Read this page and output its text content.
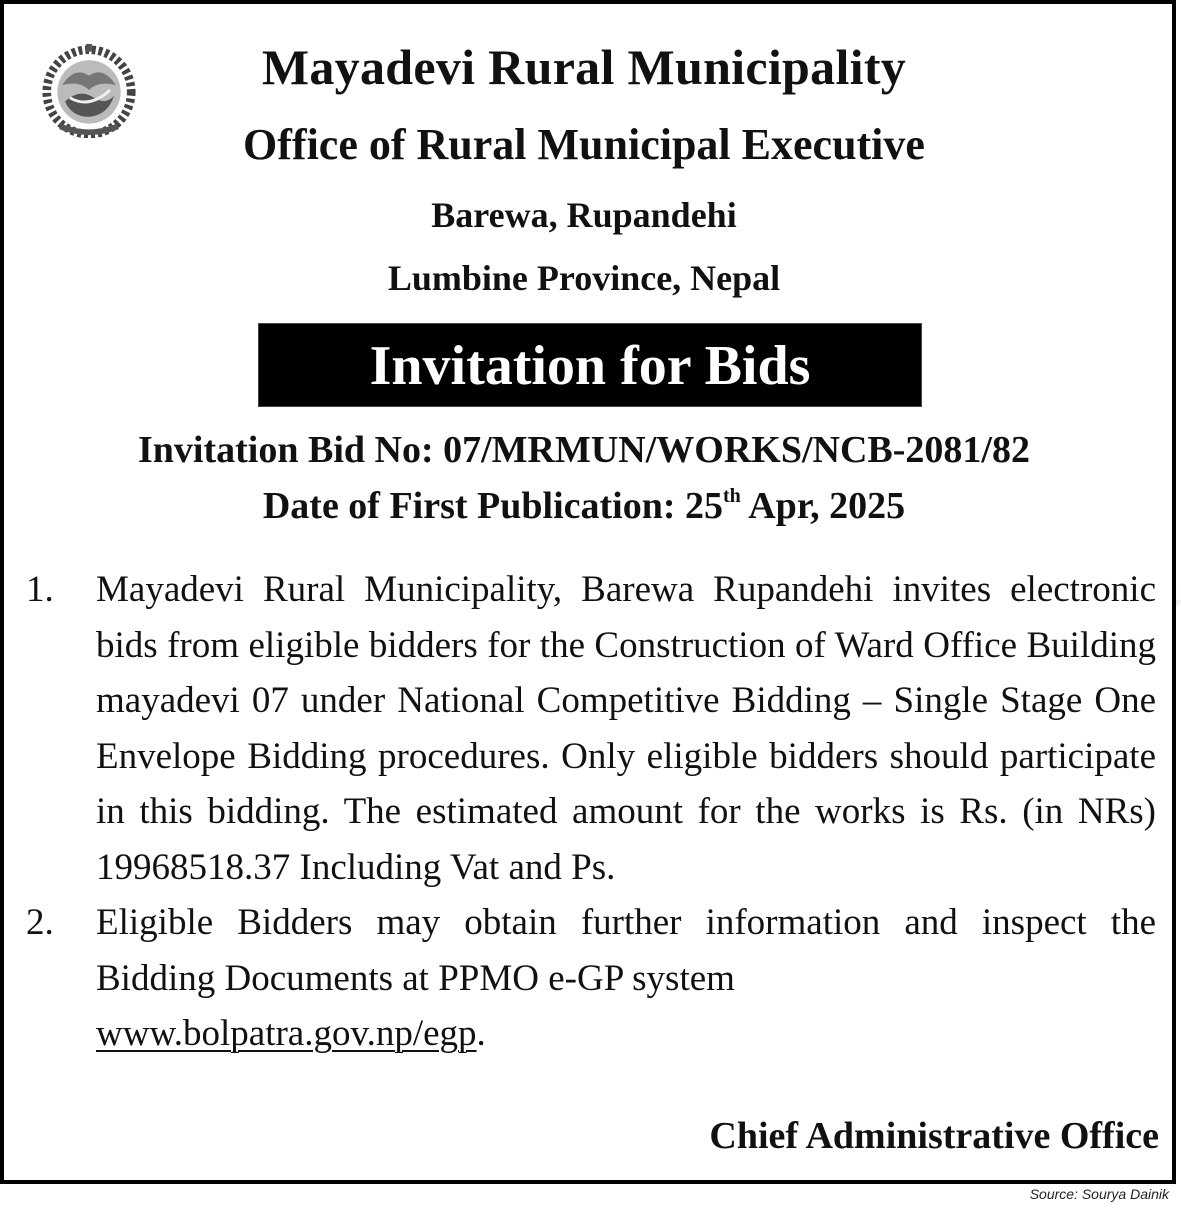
Mayadevi Rural Municipality
Office of Rural Municipal Executive
Barewa, Rupandehi
Lumbine Province, Nepal
Invitation for Bids
Invitation Bid No: 07/MRMUN/WORKS/NCB-2081/82
Date of First Publication: 25th Apr, 2025
1. Mayadevi Rural Municipality, Barewa Rupandehi invites electronic bids from eligible bidders for the Construction of Ward Office Building mayadevi 07 under National Competitive Bidding – Single Stage One Envelope Bidding procedures. Only eligible bidders should participate in this bidding. The estimated amount for the works is Rs. (in NRs) 19968518.37 Including Vat and Ps.
2. Eligible Bidders may obtain further information and inspect the Bidding Documents at PPMO e-GP system
www.bolpatra.gov.np/egp.
Chief Administrative Office
Source: Sourya Dainik
